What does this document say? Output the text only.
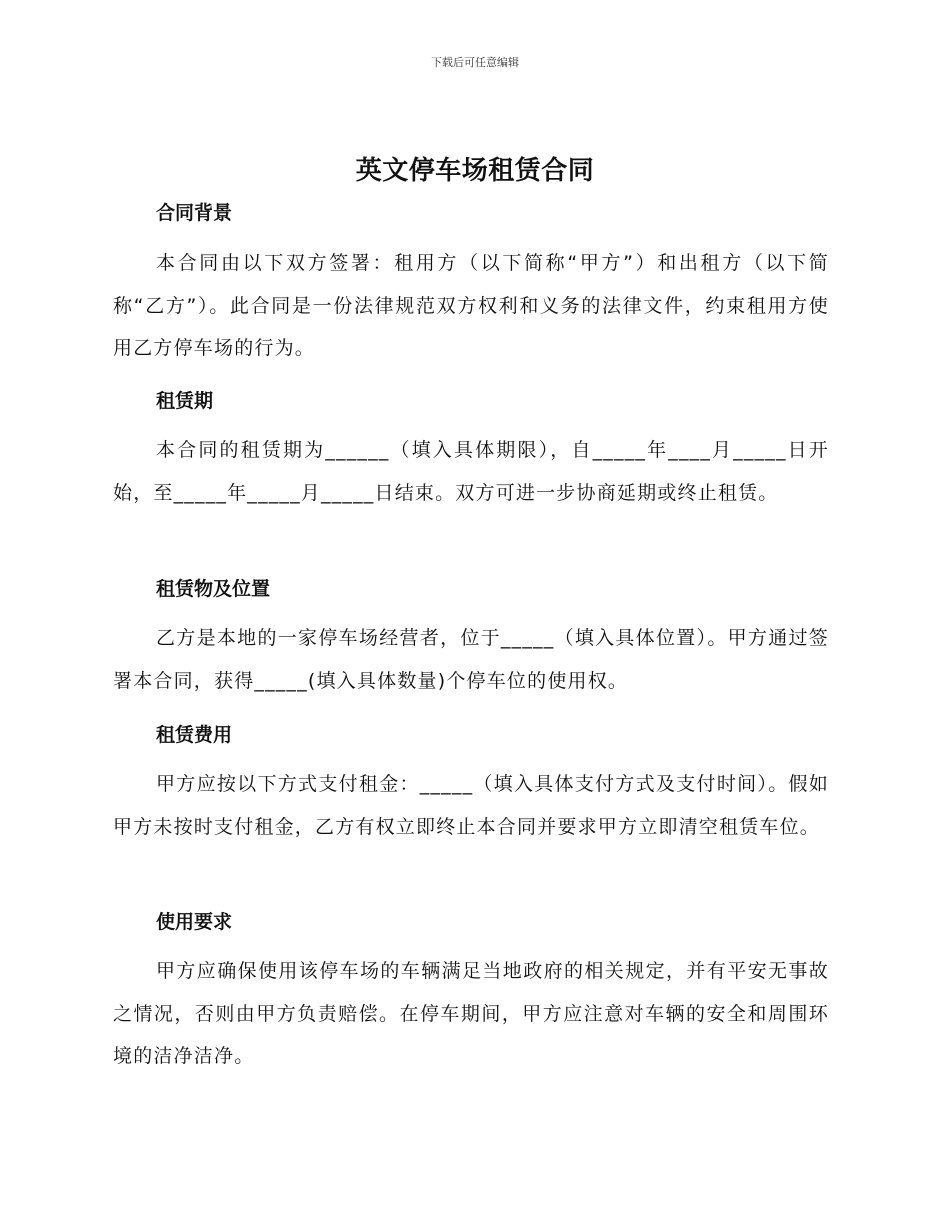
下载后可任意编辑
英文停车场租赁合同
合同背景

本合同由以下双方签署：租用方（以下简称“甲方”）和出租方（以下简称“乙方”）。此合同是一份法律规范双方权利和义务的法律文件，约束租用方使用乙方停车场的行为。

租赁期

本合同的租赁期为______（填入具体期限），自_____年____月_____日开始，至_____年_____月_____日结束。双方可进一步协商延期或终止租赁。

租赁物及位置

乙方是本地的一家停车场经营者，位于_____（填入具体位置）。甲方通过签署本合同，获得_____(填入具体数量)个停车位的使用权。

租赁费用

甲方应按以下方式支付租金：_____（填入具体支付方式及支付时间）。假如甲方未按时支付租金，乙方有权立即终止本合同并要求甲方立即清空租赁车位。

使用要求

甲方应确保使用该停车场的车辆满足当地政府的相关规定，并有平安无事故之情况，否则由甲方负责赔偿。在停车期间，甲方应注意对车辆的安全和周围环境的洁净洁净。
